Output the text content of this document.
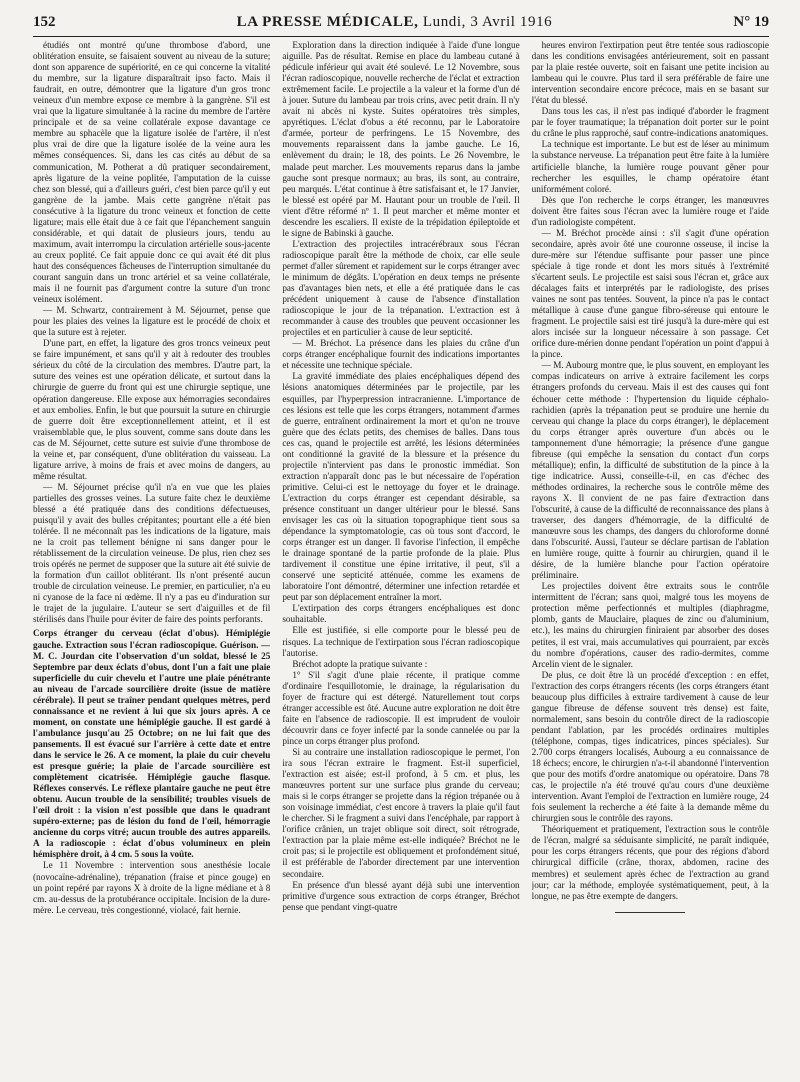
152	LA PRESSE MÉDICALE, Lundi, 3 Avril 1916	N° 19

étudiés ont montré qu'une thrombose d'abord, une oblitération ensuite, se faisaient souvent au niveau de la suture; dont son apparence de supériorité, en ce qui concerne la vitalité du membre, sur la ligature disparaîtrait ipso facto. Mais il faudrait, en outre, démontrer que la ligature d'un gros tronc veineux d'un membre expose ce membre à la gangrène. S'il est vrai que la ligature simultanée à la racine du membre de l'artère principale et de sa veine collatérale expose davantage ce membre au sphacèle que la ligature isolée de l'artère, il n'est plus vrai de dire que la ligature isolée de la veine aura les mêmes conséquences. Si, dans les cas cités au début de sa communication, M. Potherat a dû pratiquer secondairement, après ligature de la veine poplitée, l'amputation de la cuisse chez son blessé, qui a d'ailleurs guéri, c'est bien parce qu'il y eut gangrène de la jambe. Mais cette gangrène n'était pas consécutive à la ligature du tronc veineux et fonction de cette ligature; mais elle était due à ce fait que l'épanchement sanguin considérable, et qui datait de plusieurs jours, tendu au maximum, avait interrompu la circulation artérielle sous-jacente au creux poplité. Ce fait appuie donc ce qui avait été dit plus haut des conséquences fâcheuses de l'interruption simultanée du courant sanguin dans un tronc artériel et sa veine collatérale, mais il ne fournit pas d'argument contre la suture d'un tronc veineux isolément.

— M. Schwartz, contrairement à M. Séjournet, pense que pour les plaies des veines la ligature est le procédé de choix et que la suture est à rejeter.

D'une part, en effet, la ligature des gros troncs veineux peut se faire impunément, et sans qu'il y ait à redouter des troubles sérieux du côté de la circulation des membres. D'autre part, la suture des veines est une opération délicate, et surtout dans la chirurgie de guerre du front qui est une chirurgie septique, une opération dangereuse. Elle expose aux hémorragies secondaires et aux embolies. Enfin, le but que poursuit la suture en chirurgie de guerre doit être exceptionnellement atteint, et il est vraisemblable que, le plus souvent, comme sans doute dans les cas de M. Séjournet, cette suture est suivie d'une thrombose de la veine et, par conséquent, d'une oblitération du vaisseau. La ligature arrive, à moins de frais et avec moins de dangers, au même résultat.

— M. Séjournet précise qu'il n'a en vue que les plaies partielles des grosses veines. La suture faite chez le deuxième blessé a été pratiquée dans des conditions défectueuses, puisqu'il y avait des bulles crépitantes; pourtant elle a été bien tolérée. Il ne méconnaît pas les indications de la ligature, mais ne la croit pas tellement bénigne ni sans danger pour le rétablissement de la circulation veineuse. De plus, rien chez ses trois opérés ne permet de supposer que la suture ait été suivie de la formation d'un caillot oblitérant. Ils n'ont présenté aucun trouble de circulation veineuse. Le premier, en particulier, n'a eu ni cyanose de la face ni œdème. Il n'y a pas eu d'induration sur le trajet de la jugulaire. L'auteur se sert d'aiguilles et de fil stérilisés dans l'huile pour éviter de faire des points perforants.

Corps étranger du cerveau (éclat d'obus). Hémiplégie gauche. Extraction sous l'écran radioscopique. Guérison. — M. C. Jourdan cite l'observation d'un soldat, blessé le 25 Septembre par deux éclats d'obus, dont l'un a fait une plaie superficielle du cuir chevelu et l'autre une plaie pénétrante au niveau de l'arcade sourcilière droite (issue de matière cérébrale). Il peut se traîner pendant quelques mètres, perd connaissance et ne revient à lui que six jours après. A ce moment, on constate une hémiplégie gauche. Il est gardé à l'ambulance jusqu'au 25 Octobre; on ne lui fait que des pansements. Il est évacué sur l'arrière à cette date et entre dans le service le 26. A ce moment, la plaie du cuir chevelu est presque guérie; la plaie de l'arcade sourcilière est complètement cicatrisée. Hémiplégie gauche flasque. Réflexes conservés. Le réflexe plantaire gauche ne peut être obtenu. Aucun trouble de la sensibilité; troubles visuels de l'œil droit : la vision n'est possible que dans le quadrant supéro-externe; pas de lésion du fond de l'œil, hémorragie ancienne du corps vitré; aucun trouble des autres appareils. A la radioscopie : éclat d'obus volumineux en plein hémisphère droit, à 4 cm. 5 sous la voûte.

Le 11 Novembre : intervention sous anesthésie locale (novocaïne-adrénaline), trépanation (fraise et pince gouge) en un point repéré par rayons X à droite de la ligne médiane et à 8 cm. au-dessus de la protubérance occipitale. Incision de la dure-mère. Le cerveau, très congestionné, violacé, fait hernie.

Exploration dans la direction indiquée à l'aide d'une longue aiguille. Pas de résultat. Remise en place du lambeau cutané à pédicule inférieur qui avait été soulevé. Le 12 Novembre, sous l'écran radioscopique, nouvelle recherche de l'éclat et extraction extrêmement facile. Le projectile a la valeur et la forme d'un dé à jouer. Suture du lambeau par trois crins, avec petit drain. Il n'y avait ni abcès ni kyste. Suites opératoires très simples, apyrétiques. L'éclat d'obus a été reconnu, par le Laboratoire d'armée, porteur de perfringens. Le 15 Novembre, des mouvements reparaissent dans la jambe gauche. Le 16, enlèvement du drain; le 18, des points. Le 26 Novembre, le malade peut marcher. Les mouvements reparus dans la jambe gauche sont presque normaux; au bras, ils sont, au contraire, peu marqués. L'état continue à être satisfaisant et, le 17 Janvier, le blessé est opéré par M. Hautant pour un trouble de l'œil. Il vient d'être réformé nº 1. Il peut marcher et même monter et descendre les escaliers. Il existe de la trépidation épileptoïde et le signe de Babinski à gauche.

L'extraction des projectiles intracérébraux sous l'écran radioscopique paraît être la méthode de choix, car elle seule permet d'aller sûrement et rapidement sur le corps étranger avec le minimum de dégâts. L'opération en deux temps ne présente pas d'avantages bien nets, et elle a été pratiquée dans le cas précédent uniquement à cause de l'absence d'installation radioscopique le jour de la trépanation. L'extraction est à recommander à cause des troubles que peuvent occasionner les projectiles et en particulier à cause de leur septicité.

— M. Bréchot. La présence dans les plaies du crâne d'un corps étranger encéphalique fournit des indications importantes et nécessite une technique spéciale.

La gravité immédiate des plaies encéphaliques dépend des lésions anatomiques déterminées par le projectile, par les esquilles, par l'hyperpression intracranienne. L'importance de ces lésions est telle que les corps étrangers, notamment d'armes de guerre, entraînent ordinairement la mort et qu'on ne trouve guère que des éclats petits, des chemises de balles. Dans tous ces cas, quand le projectile est arrêté, les lésions déterminées ont conditionné la gravité de la blessure et la présence du projectile n'intervient pas dans le pronostic immédiat. Son extraction n'apparaît donc pas le but nécessaire de l'opération primitive. Celui-ci est le nettoyage du foyer et le drainage. L'extraction du corps étranger est cependant désirable, sa présence constituant un danger ultérieur pour le blessé. Sans envisager les cas où la situation topographique tient sous sa dépendance la symptomatologie, cas où tous sont d'accord, le corps étranger est un danger. Il favorise l'infection, il empêche le drainage spontané de la partie profonde de la plaie. Plus tardivement il constitue une épine irritative, il peut, s'il a conservé une septicité atténuée, comme les examens de laboratoire l'ont démontré, déterminer une infection retardée et peut par son déplacement entraîner la mort.

L'extirpation des corps étrangers encéphaliques est donc souhaitable.

Elle est justifiée, si elle comporte pour le blessé peu de risques. La technique de l'extirpation sous l'écran radioscopique l'autorise.

Bréchot adopte la pratique suivante :

1° S'il s'agit d'une plaie récente, il pratique comme d'ordinaire l'esquillotomie, le drainage, la régularisation du foyer de fracture qui est détergé. Naturellement tout corps étranger accessible est ôté. Aucune autre exploration ne doit être faite en l'absence de radioscopie. Il est imprudent de vouloir découvrir dans ce foyer infecté par la sonde cannelée ou par la pince un corps étranger plus profond.

Si au contraire une installation radioscopique le permet, l'on ira sous l'écran extraire le fragment. Est-il superficiel, l'extraction est aisée; est-il profond, à 5 cm. et plus, les manœuvres portent sur une surface plus grande du cerveau; mais si le corps étranger se projette dans la région trépanée ou à son voisinage immédiat, c'est encore à travers la plaie qu'il faut le chercher. Si le fragment a suivi dans l'encéphale, par rapport à l'orifice crânien, un trajet oblique soit direct, soit rétrograde, l'extraction par la plaie même est-elle indiquée? Bréchot ne le croit pas; si le projectile est obliquement et profondément situé, il est préférable de l'aborder directement par une intervention secondaire.

En présence d'un blessé ayant déjà subi une intervention primitive d'urgence sous extraction de corps étranger, Bréchot pense que pendant vingt-quatre

heures environ l'extirpation peut être tentée sous radioscopie dans les conditions envisagées antérieurement, soit en passant par la plaie restée ouverte, soit en faisant une petite incision au lambeau qui le couvre. Plus tard il sera préférable de faire une intervention secondaire encore précoce, mais en se basant sur l'état du blessé.

Dans tous les cas, il n'est pas indiqué d'aborder le fragment par le foyer traumatique; la trépanation doit porter sur le point du crâne le plus rapproché, sauf contre-indications anatomiques.

La technique est importante. Le but est de léser au minimum la substance nerveuse. La trépanation peut être faite à la lumière artificielle blanche, la lumière rouge pouvant gêner pour rechercher les esquilles, le champ opératoire étant uniformément coloré.

Dès que l'on recherche le corps étranger, les manœuvres doivent être faites sous l'écran avec la lumière rouge et l'aide d'un radiologiste compétent.

— M. Bréchot procède ainsi : s'il s'agit d'une opération secondaire, après avoir ôté une couronne osseuse, il incise la dure-mère sur l'étendue suffisante pour passer une pince spéciale à tige ronde et dont les mors situés à l'extrémité s'écartent seuls. Le projectile est saisi sous l'écran et, grâce aux décalages faits et interprétés par le radiologiste, des prises vaines ne sont pas tentées. Souvent, la pince n'a pas le contact métallique à cause d'une gangue fibro-séreuse qui entoure le fragment. Le projectile saisi est tiré jusqu'à la dure-mère qui est alors incisée sur la longueur nécessaire à son passage. Cet orifice dure-mérien donne pendant l'opération un point d'appui à la pince.

— M. Aubourg montre que, le plus souvent, en employant les compas indicateurs on arrive à extraire facilement les corps étrangers profonds du cerveau. Mais il est des causes qui font échouer cette méthode : l'hypertension du liquide céphalo-rachidien (après la trépanation peut se produire une hernie du cerveau qui change la place du corps étranger), le déplacement du corps étranger après ouverture d'un abcès ou le tamponnement d'une hémorragie; la présence d'une gangue fibreuse (qui empêche la sensation du contact d'un corps métallique); enfin, la difficulté de substitution de la pince à la tige indicatrice. Aussi, conseille-t-il, en cas d'échec des méthodes ordinaires, la recherche sous le contrôle même des rayons X. Il convient de ne pas faire d'extraction dans l'obscurité, à cause de la difficulté de reconnaissance des plans à traverser, des dangers d'hémorragie, de la difficulté de manœuvre sous les champs, des dangers du chloroforme donné dans l'obscurité. Aussi, l'auteur se déclare partisan de l'ablation en lumière rouge, quitte à fournir au chirurgien, quand il le désire, de la lumière blanche pour l'action opératoire préliminaire.

Les projectiles doivent être extraits sous le contrôle intermittent de l'écran; sans quoi, malgré tous les moyens de protection même perfectionnés et multiples (diaphragme, plomb, gants de Mauclaire, plaques de zinc ou d'aluminium, etc.), les mains du chirurgien finiraient par absorber des doses petites, il est vrai, mais accumulatives qui pourraient, par excès du nombre d'opérations, causer des radio-dermites, comme Arcelin vient de le signaler.

De plus, ce doit être là un procédé d'exception : en effet, l'extraction des corps étrangers récents (les corps étrangers étant beaucoup plus difficiles à extraire tardivement à cause de leur gangue fibreuse de défense souvent très dense) est faite, normalement, sans besoin du contrôle direct de la radioscopie pendant l'ablation, par les procédés ordinaires multiples (téléphone, compas, tiges indicatrices, pinces spéciales). Sur 2.700 corps étrangers localisés, Aubourg a eu connaissance de 18 échecs; encore, le chirurgien n'a-t-il abandonné l'intervention que pour des motifs d'ordre anatomique ou opératoire. Dans 78 cas, le projectile n'a été trouvé qu'au cours d'une deuxième intervention. Avant l'emploi de l'extraction en lumière rouge, 24 fois seulement la recherche a été faite à la demande même du chirurgien sous le contrôle des rayons.

Théoriquement et pratiquement, l'extraction sous le contrôle de l'écran, malgré sa séduisante simplicité, ne paraît indiquée, pour les corps étrangers récents, que pour des régions d'abord chirurgical difficile (crâne, thorax, abdomen, racine des membres) et seulement après échec de l'extraction au grand jour; car la méthode, employée systématiquement, peut, à la longue, ne pas être exempte de dangers.
